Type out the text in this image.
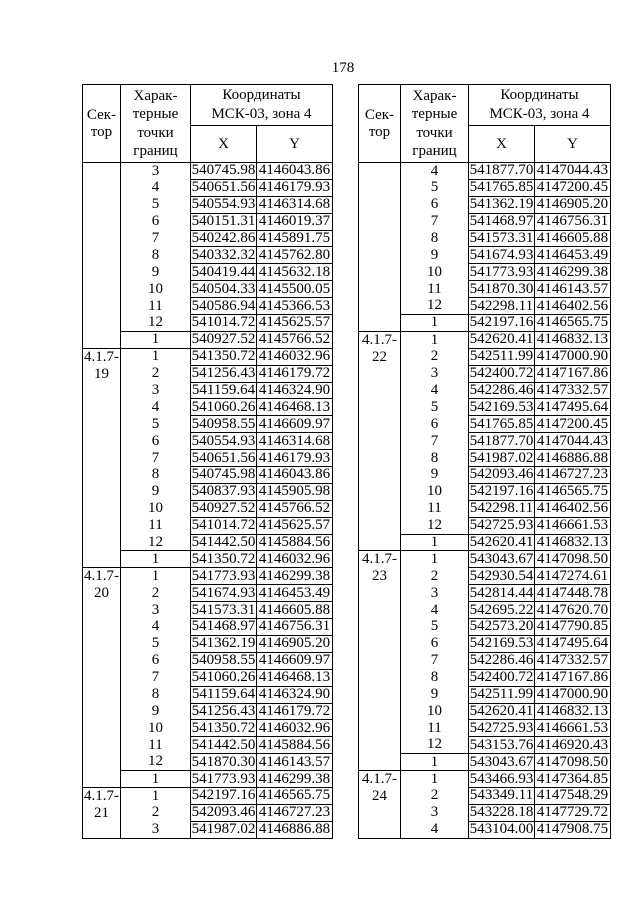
178
Сек-
тор	Харак-
терные
точки
границ	Координаты
МСК-03, зона 4	

		X	Y
	3	540745.98	4146043.86
	4	540651.56	4146179.93
	5	540554.93	4146314.68
	6	540151.31	4146019.37
	7	540242.86	4145891.75
	8	540332.32	4145762.80
	9	540419.44	4145632.18
	10	540504.33	4145500.05
	11	540586.94	4145366.53
	12	541014.72	4145625.57
	1	540927.52	4145766.52

4.1.7-
19	1	541350.72	4146032.96
	2	541256.43	4146179.72
	3	541159.64	4146324.90
	4	541060.26	4146468.13
	5	540958.55	4146609.97
	6	540554.93	4146314.68
	7	540651.56	4146179.93
	8	540745.98	4146043.86
	9	540837.93	4145905.98
	10	540927.52	4145766.52
	11	541014.72	4145625.57
	12	541442.50	4145884.56
	1	541350.72	4146032.96

4.1.7-
20	1	541773.93	4146299.38
	2	541674.93	4146453.49
	3	541573.31	4146605.88
	4	541468.97	4146756.31
	5	541362.19	4146905.20
	6	540958.55	4146609.97
	7	541060.26	4146468.13
	8	541159.64	4146324.90
	9	541256.43	4146179.72
	10	541350.72	4146032.96
	11	541442.50	4145884.56
	12	541870.30	4146143.57
	1	541773.93	4146299.38

4.1.7-
21	1	542197.16	4146565.75
	2	542093.46	4146727.23
	3	541987.02	4146886.88
Сек-
тор	Харак-
терные
точки
границ	Координаты
МСК-03, зона 4	

		X	Y
	4	541877.70	4147044.43
	5	541765.85	4147200.45
	6	541362.19	4146905.20
	7	541468.97	4146756.31
	8	541573.31	4146605.88
	9	541674.93	4146453.49
	10	541773.93	4146299.38
	11	541870.30	4146143.57
	12	542298.11	4146402.56
	1	542197.16	4146565.75

4.1.7-
22	1	542620.41	4146832.13
	2	542511.99	4147000.90
	3	542400.72	4147167.86
	4	542286.46	4147332.57
	5	542169.53	4147495.64
	6	541765.85	4147200.45
	7	541877.70	4147044.43
	8	541987.02	4146886.88
	9	542093.46	4146727.23
	10	542197.16	4146565.75
	11	542298.11	4146402.56
	12	542725.93	4146661.53
	1	542620.41	4146832.13

4.1.7-
23	1	543043.67	4147098.50
	2	542930.54	4147274.61
	3	542814.44	4147448.78
	4	542695.22	4147620.70
	5	542573.20	4147790.85
	6	542169.53	4147495.64
	7	542286.46	4147332.57
	8	542400.72	4147167.86
	9	542511.99	4147000.90
	10	542620.41	4146832.13
	11	542725.93	4146661.53
	12	543153.76	4146920.43
	1	543043.67	4147098.50

4.1.7-
24	1	543466.93	4147364.85
	2	543349.11	4147548.29
	3	543228.18	4147729.72
	4	543104.00	4147908.75
